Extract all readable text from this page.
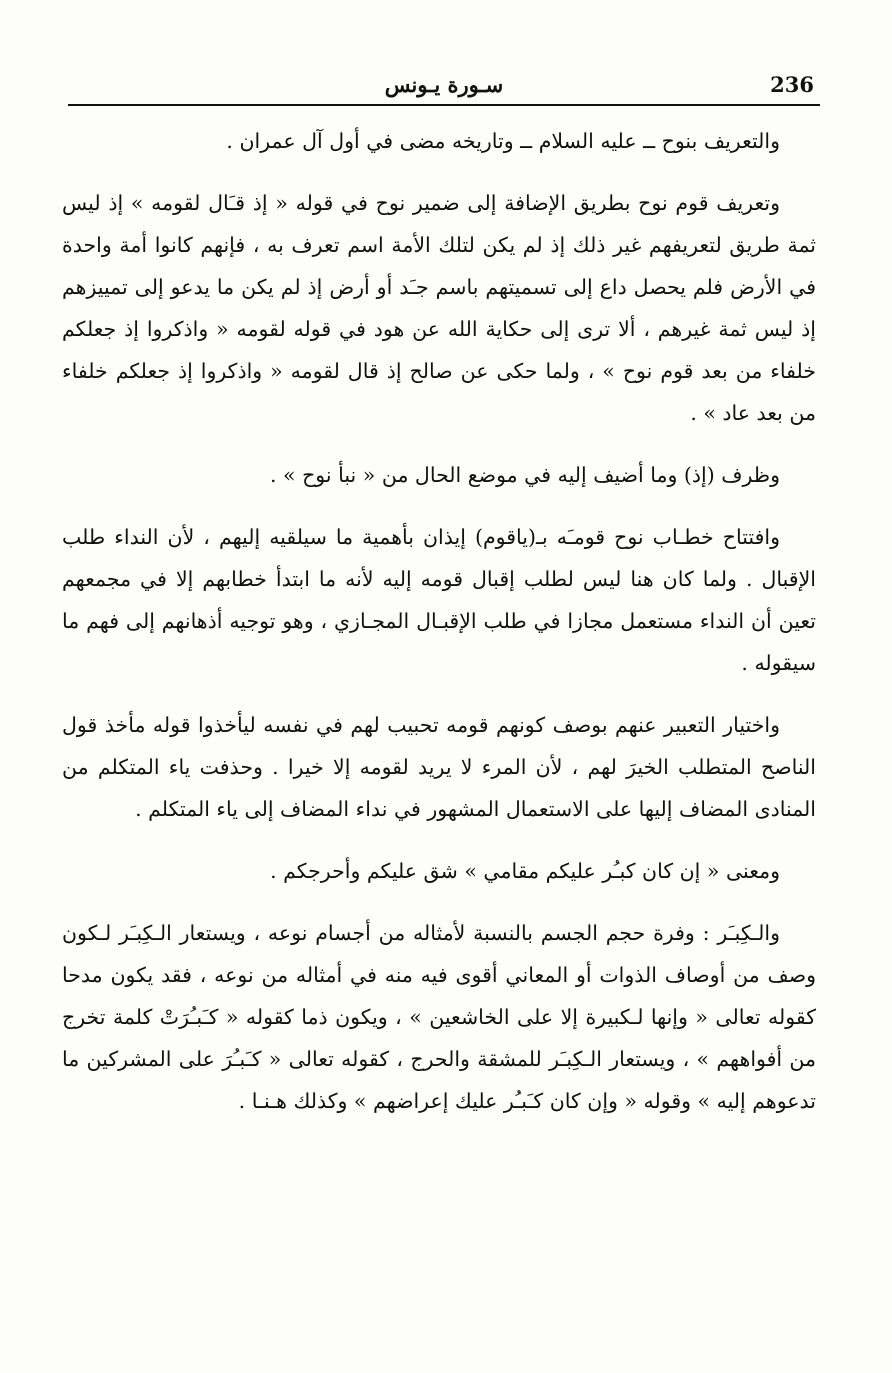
236
سـورة يـونس

والتعريف بنوح ــ عليه السلام ــ وتاريخه مضى في أول آل عمران .

وتعريف قوم نوح بطريق الإضافة إلى ضمير نوح في قوله « إذ قـَال لقومه » إذ ليس ثمة طريق لتعريفهم غير ذلك إذ لم يكن لتلك الأمة اسم تعرف به ، فإنهم كانوا أمة واحدة في الأرض فلم يحصل داع إلى تسميتهم باسم جـَد أو أرض إذ لم يكن ما يدعو إلى تمييزهم إذ ليس ثمة غيرهم ، ألا ترى إلى حكاية الله عن هود في قوله لقومه « واذكروا إذ جعلكم خلفاء من بعد قوم نوح » ، ولما حكى عن صالح إذ قال لقومه « واذكروا إذ جعلكم خلفاء من بعد عاد » .

وظرف (إذ) وما أضيف إليه في موضع الحال من « نبأ نوح » .

وافتتاح خطـاب نوح قومـَه بـ(ياقوم) إيذان بأهمية ما سيلقيه إليهم ، لأن النداء طلب الإقبال . ولما كان هنا ليس لطلب إقبال قومه إليه لأنه ما ابتدأ خطابهم إلا في مجمعهم تعين أن النداء مستعمل مجازا في طلب الإقبـال المجـازي ، وهو توجيه أذهانهم إلى فهم ما سيقوله .

واختيار التعبير عنهم بوصف كونهم قومه تحبيب لهم في نفسه ليأخذوا قوله مأخذ قول الناصح المتطلب الخيرَ لهم ، لأن المرء لا يريد لقومه إلا خيرا . وحذفت ياء المتكلم من المنادى المضاف إليها على الاستعمال المشهور في نداء المضاف إلى ياء المتكلم .

ومعنى « إن كان كبـُر عليكم مقامي » شق عليكم وأحرجكم .

والـكِبـَر : وفرة حجم الجسم بالنسبة لأمثاله من أجسام نوعه ، ويستعار الـكِبـَر لـكون وصف من أوصاف الذوات أو المعاني أقوى فيه منه في أمثاله من نوعه ، فقد يكون مدحا كقوله تعالى « وإنها لـكبيرة إلا على الخاشعين » ، ويكون ذما كقوله « كـَبـُرَتْ كلمة تخرج من أفواههم » ، ويستعار الـكِبـَر للمشقة والحرج ، كقوله تعالى « كـَبـُرَ على المشركين ما تدعوهم إليه » وقوله « وإن كان كـَبـُر عليك إعراضهم » وكذلك هـنـا .
